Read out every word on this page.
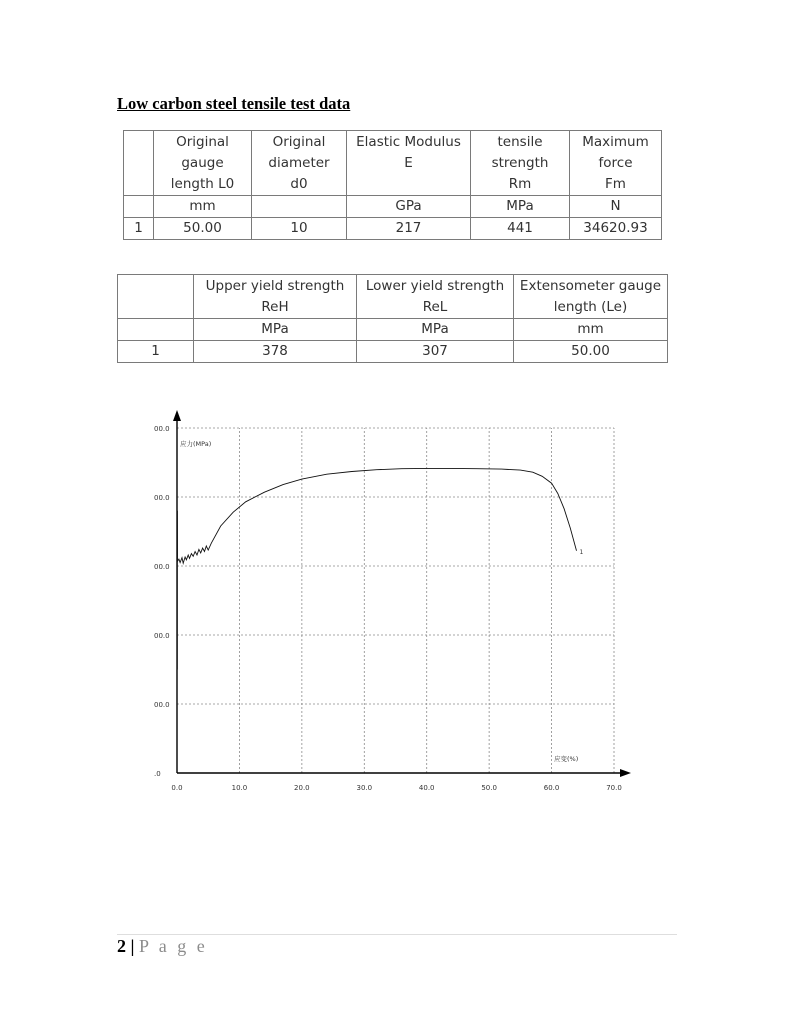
Low carbon steel tensile test data

	Original
gauge
length L0	Original
diameter
d0	Elastic Modulus
E	tensile
strength
Rm	Maximum
force
Fm

	mm		GPa	MPa	N
1	50.00	10	217	441	34620.93

	Upper yield strength
ReH	Lower yield strength
ReL	Extensometer gauge
length (Le)

	MPa	MPa	mm
1	378	307	50.00
0.0	10.0	20.0	30.0	40.0	50.0	60.0	70.0
.0
00.0
00.0
00.0
00.0
00.0
应力(MPa)
应变(%)
1
2 | P a g e
